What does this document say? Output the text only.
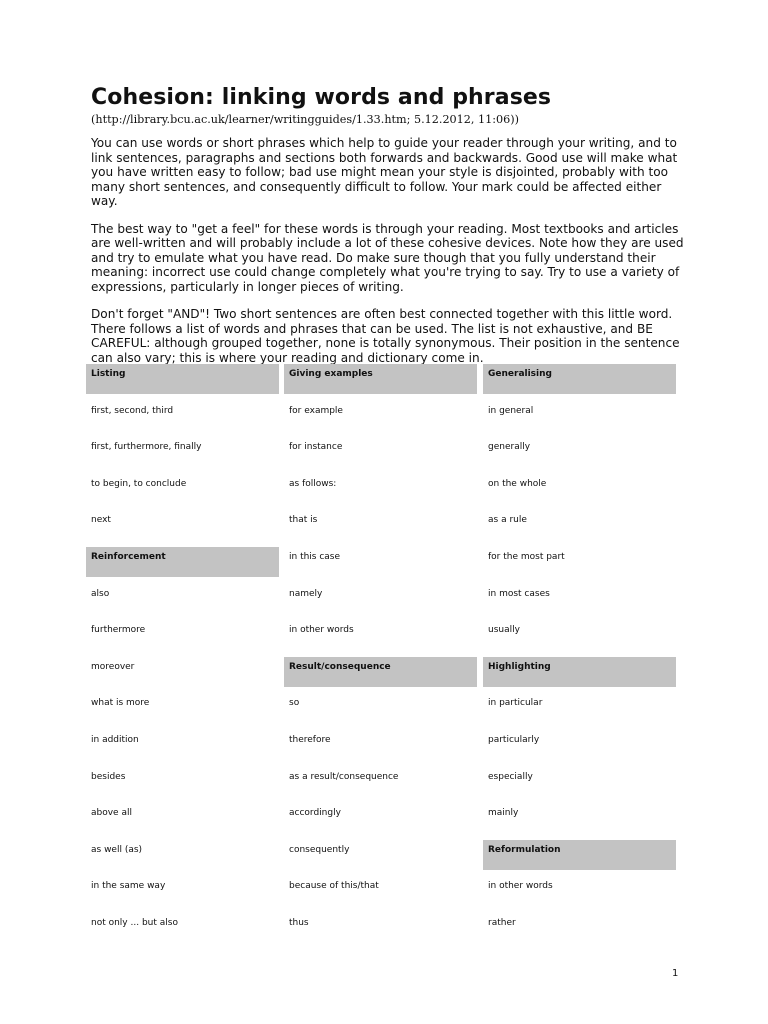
Cohesion: linking words and phrases
(http://library.bcu.ac.uk/learner/writingguides/1.33.htm; 5.12.2012, 11:06))

You can use words or short phrases which help to guide your reader through your writing, and to link sentences, paragraphs and sections both forwards and backwards. Good use will make what you have written easy to follow; bad use might mean your style is disjointed, probably with too many short sentences, and consequently difficult to follow. Your mark could be affected either way.

The best way to "get a feel" for these words is through your reading. Most textbooks and articles are well-written and will probably include a lot of these cohesive devices. Note how they are used and try to emulate what you have read. Do make sure though that you fully understand their meaning: incorrect use could change completely what you're trying to say. Try to use a variety of expressions, particularly in longer pieces of writing.

Don't forget "AND"! Two short sentences are often best connected together with this little word. There follows a list of words and phrases that can be used. The list is not exhaustive, and BE CAREFUL: although grouped together, none is totally synonymous. Their position in the sentence can also vary; this is where your reading and dictionary come in.

Listing
first, second, third
first, furthermore, finally
to begin, to conclude
next
Reinforcement
also
furthermore
moreover
what is more
in addition
besides
above all
as well (as)
in the same way
not only ... but also
Giving examples
for example
for instance
as follows:
that is
in this case
namely
in other words
Result/consequence
so
therefore
as a result/consequence
accordingly
consequently
because of this/that
thus
Generalising
in general
generally
on the whole
as a rule
for the most part
in most cases
usually
Highlighting
in particular
particularly
especially
mainly
Reformulation
in other words
rather
1
